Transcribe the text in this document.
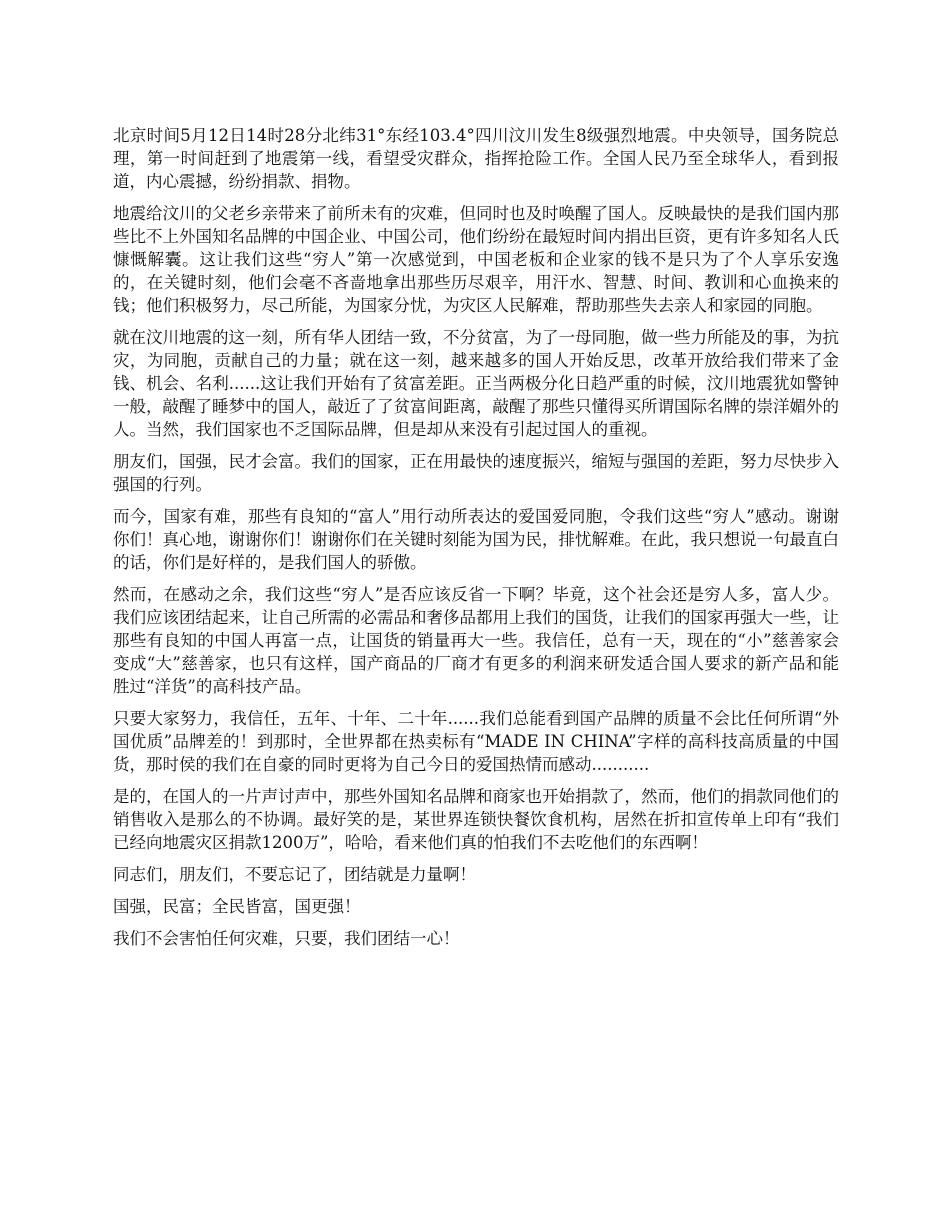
北京时间5月12日14时28分北纬31°东经103.4°四川汶川发生8级强烈地震。中央领导，国务院总理，第一时间赶到了地震第一线，看望受灾群众，指挥抢险工作。全国人民乃至全球华人，看到报道，内心震撼，纷纷捐款、捐物。

地震给汶川的父老乡亲带来了前所未有的灾难，但同时也及时唤醒了国人。反映最快的是我们国内那些比不上外国知名品牌的中国企业、中国公司，他们纷纷在最短时间内捐出巨资，更有许多知名人氏慷慨解囊。这让我们这些“穷人”第一次感觉到，中国老板和企业家的钱不是只为了个人享乐安逸的，在关键时刻，他们会毫不吝啬地拿出那些历尽艰辛，用汗水、智慧、时间、教训和心血换来的钱；他们积极努力，尽己所能，为国家分忧，为灾区人民解难，帮助那些失去亲人和家园的同胞。

就在汶川地震的这一刻，所有华人团结一致，不分贫富，为了一母同胞，做一些力所能及的事，为抗灾，为同胞，贡献自己的力量；就在这一刻，越来越多的国人开始反思，改革开放给我们带来了金钱、机会、名利......这让我们开始有了贫富差距。正当两极分化日趋严重的时候，汶川地震犹如警钟一般，敲醒了睡梦中的国人，敲近了了贫富间距离，敲醒了那些只懂得买所谓国际名牌的崇洋媚外的人。当然，我们国家也不乏国际品牌，但是却从来没有引起过国人的重视。

朋友们，国强，民才会富。我们的国家，正在用最快的速度振兴，缩短与强国的差距，努力尽快步入强国的行列。

而今，国家有难，那些有良知的“富人”用行动所表达的爱国爱同胞，令我们这些“穷人”感动。谢谢你们！真心地，谢谢你们！谢谢你们在关键时刻能为国为民，排忧解难。在此，我只想说一句最直白的话，你们是好样的，是我们国人的骄傲。

然而，在感动之余，我们这些“穷人”是否应该反省一下啊？毕竟，这个社会还是穷人多，富人少。我们应该团结起来，让自己所需的必需品和奢侈品都用上我们的国货，让我们的国家再强大一些，让那些有良知的中国人再富一点，让国货的销量再大一些。我信任，总有一天，现在的“小”慈善家会变成“大”慈善家，也只有这样，国产商品的厂商才有更多的利润来研发适合国人要求的新产品和能胜过“洋货”的高科技产品。

只要大家努力，我信任，五年、十年、二十年......我们总能看到国产品牌的质量不会比任何所谓“外国优质”品牌差的！到那时，全世界都在热卖标有“MADE IN CHINA”字样的高科技高质量的中国货，那时侯的我们在自豪的同时更将为自己今日的爱国热情而感动...........

是的，在国人的一片声讨声中，那些外国知名品牌和商家也开始捐款了，然而，他们的捐款同他们的销售收入是那么的不协调。最好笑的是，某世界连锁快餐饮食机构，居然在折扣宣传单上印有“我们已经向地震灾区捐款1200万”，哈哈，看来他们真的怕我们不去吃他们的东西啊！

同志们，朋友们，不要忘记了，团结就是力量啊！

国强，民富；全民皆富，国更强！

我们不会害怕任何灾难，只要，我们团结一心！
